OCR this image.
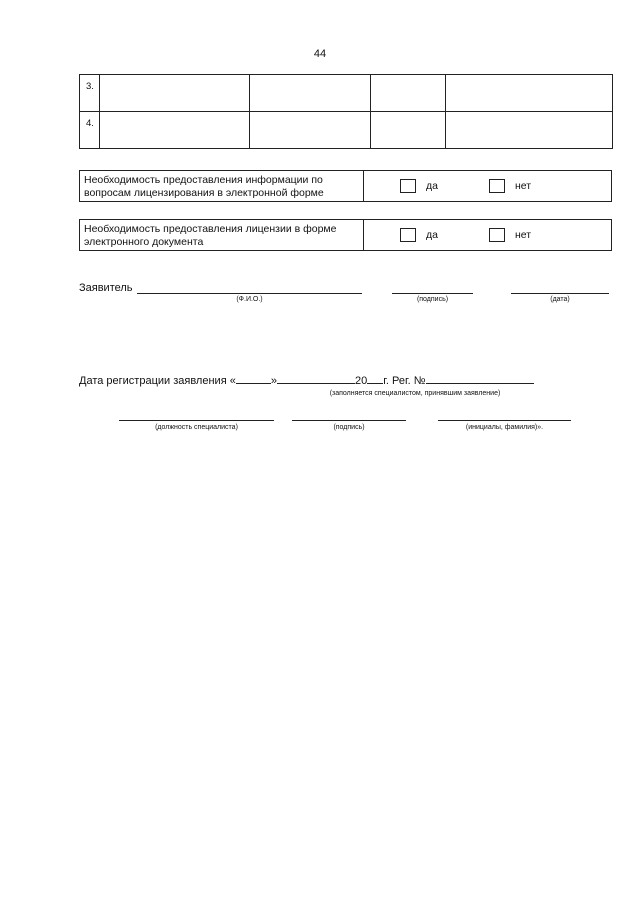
44
3.				
4.				
Необходимость предоставления информации по вопросам лицензирования в электронной форме
да	нет
Необходимость предоставления лицензии в форме электронного документа
да	нет
Заявитель
(Ф.И.О.)	(подпись)	(дата)
Дата регистрации заявления «	»	20 г. Рег. №
(заполняется специалистом, принявшим заявление)
(должность специалиста)	(подпись)	(инициалы, фамилия)».
